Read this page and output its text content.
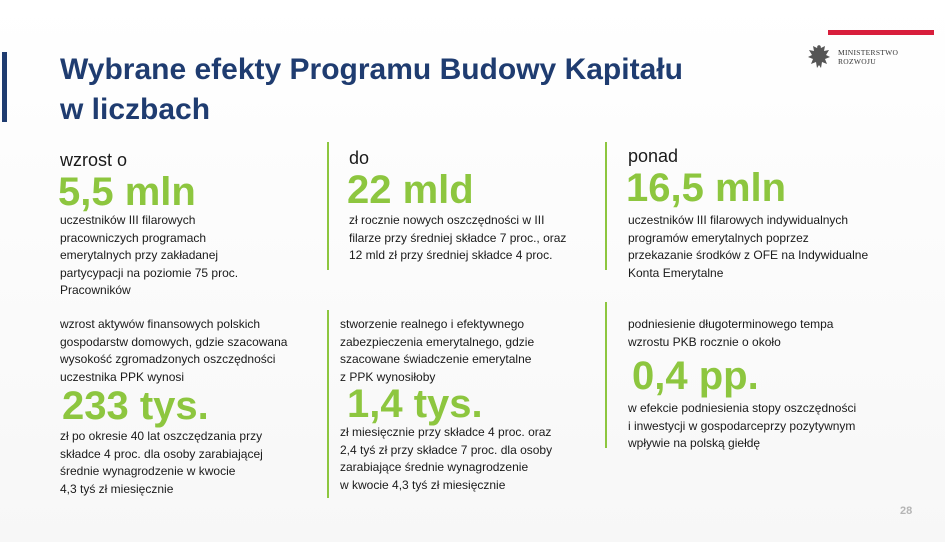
Wybrane efekty Programu Budowy Kapitału
w liczbach
MINISTERSTWO
ROZWOJU
wzrost o
5,5 mln
uczestników III filarowych
pracowniczych programach
emerytalnych przy zakładanej
partycypacji na poziomie 75 proc.
Pracowników
do
22 mld
zł rocznie nowych oszczędności w III
filarze przy średniej składce 7 proc., oraz
12 mld zł przy średniej składce 4 proc.
ponad
16,5 mln
uczestników III filarowych indywidualnych
programów emerytalnych poprzez
przekazanie środków z OFE na Indywidualne
Konta Emerytalne
wzrost aktywów finansowych polskich
gospodarstw domowych, gdzie szacowana
wysokość zgromadzonych oszczędności
uczestnika PPK wynosi
233 tys.
zł po okresie 40 lat oszczędzania przy
składce 4 proc. dla osoby zarabiającej
średnie wynagrodzenie w kwocie
4,3 tyś zł miesięcznie
stworzenie realnego i efektywnego
zabezpieczenia emerytalnego, gdzie
szacowane świadczenie emerytalne
z PPK wynosiłoby
1,4 tys.
zł miesięcznie przy składce 4 proc. oraz
2,4 tyś zł przy składce 7 proc. dla osoby
zarabiające średnie wynagrodzenie
w kwocie 4,3 tyś zł miesięcznie
podniesienie długoterminowego tempa
wzrostu PKB rocznie o około
0,4 pp.
w efekcie podniesienia stopy oszczędności
i inwestycji w gospodarceprzy pozytywnym
wpływie na polską giełdę
28
